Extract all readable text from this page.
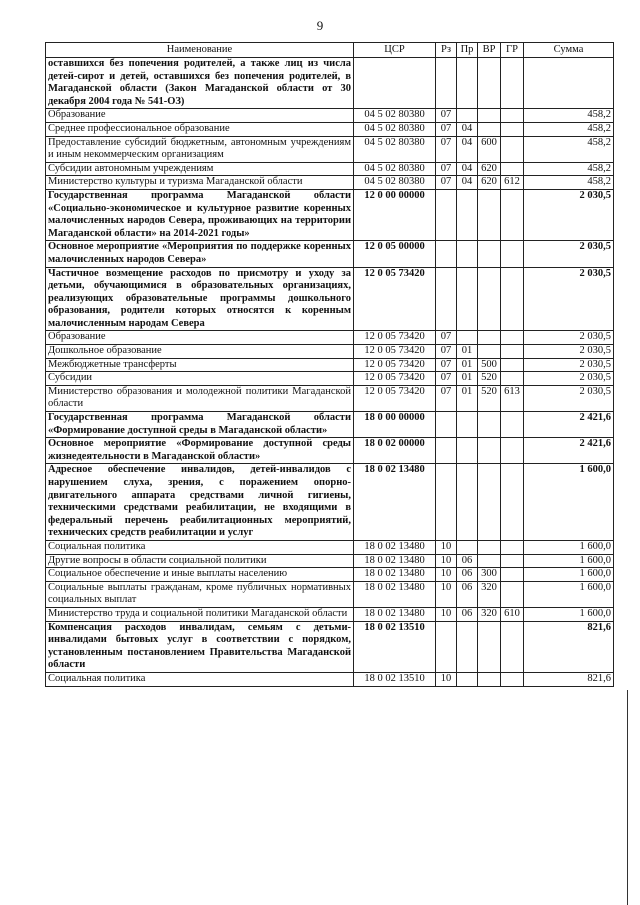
9
Наименование	ЦСР	Рз	Пр	ВР	ГР	Сумма
оставшихся без попечения родителей, а также лиц из числа детей-сирот и детей, оставшихся без попечения родителей, в Магаданской области (Закон Магаданской области от 30 декабря 2004 года № 541-ОЗ)						
Образование	04 5 02 80380	07				458,2
Среднее профессиональное образование	04 5 02 80380	07	04			458,2
Предоставление субсидий бюджетным, автономным учреждениям и иным некоммерческим организациям	04 5 02 80380	07	04	600		458,2
Субсидии автономным учреждениям	04 5 02 80380	07	04	620		458,2
Министерство культуры и туризма Магаданской области	04 5 02 80380	07	04	620	612	458,2
Государственная программа Магаданской области «Социально-экономическое и культурное развитие коренных малочисленных народов Севера, проживающих на территории Магаданской области» на 2014-2021 годы»	12 0 00 00000					2 030,5
Основное мероприятие «Мероприятия по поддержке коренных малочисленных народов Севера»	12 0 05 00000					2 030,5
Частичное возмещение расходов по присмотру и уходу за детьми, обучающимися в образовательных организациях, реализующих образовательные программы дошкольного образования, родители которых относятся к коренным малочисленным народам Севера	12 0 05 73420					2 030,5
Образование	12 0 05 73420	07				2 030,5
Дошкольное образование	12 0 05 73420	07	01			2 030,5
Межбюджетные трансферты	12 0 05 73420	07	01	500		2 030,5
Субсидии	12 0 05 73420	07	01	520		2 030,5
Министерство образования и молодежной политики Магаданской области	12 0 05 73420	07	01	520	613	2 030,5
Государственная программа Магаданской области «Формирование доступной среды в Магаданской области»	18 0 00 00000					2 421,6
Основное мероприятие «Формирование доступной среды жизнедеятельности в Магаданской области»	18 0 02 00000					2 421,6
Адресное обеспечение инвалидов, детей-инвалидов с нарушением слуха, зрения, с поражением опорно-двигательного аппарата средствами личной гигиены, техническими средствами реабилитации, не входящими в федеральный перечень реабилитационных мероприятий, технических средств реабилитации и услуг	18 0 02 13480					1 600,0
Социальная политика	18 0 02 13480	10				1 600,0
Другие вопросы в области социальной политики	18 0 02 13480	10	06			1 600,0
Социальное обеспечение и иные выплаты населению	18 0 02 13480	10	06	300		1 600,0
Социальные выплаты гражданам, кроме публичных нормативных социальных выплат	18 0 02 13480	10	06	320		1 600,0
Министерство труда и социальной политики Магаданской области	18 0 02 13480	10	06	320	610	1 600,0
Компенсация расходов инвалидам, семьям с детьми-инвалидами бытовых услуг в соответствии с порядком, установленным постановлением Правительства Магаданской области	18 0 02 13510					821,6
Социальная политика	18 0 02 13510	10				821,6
